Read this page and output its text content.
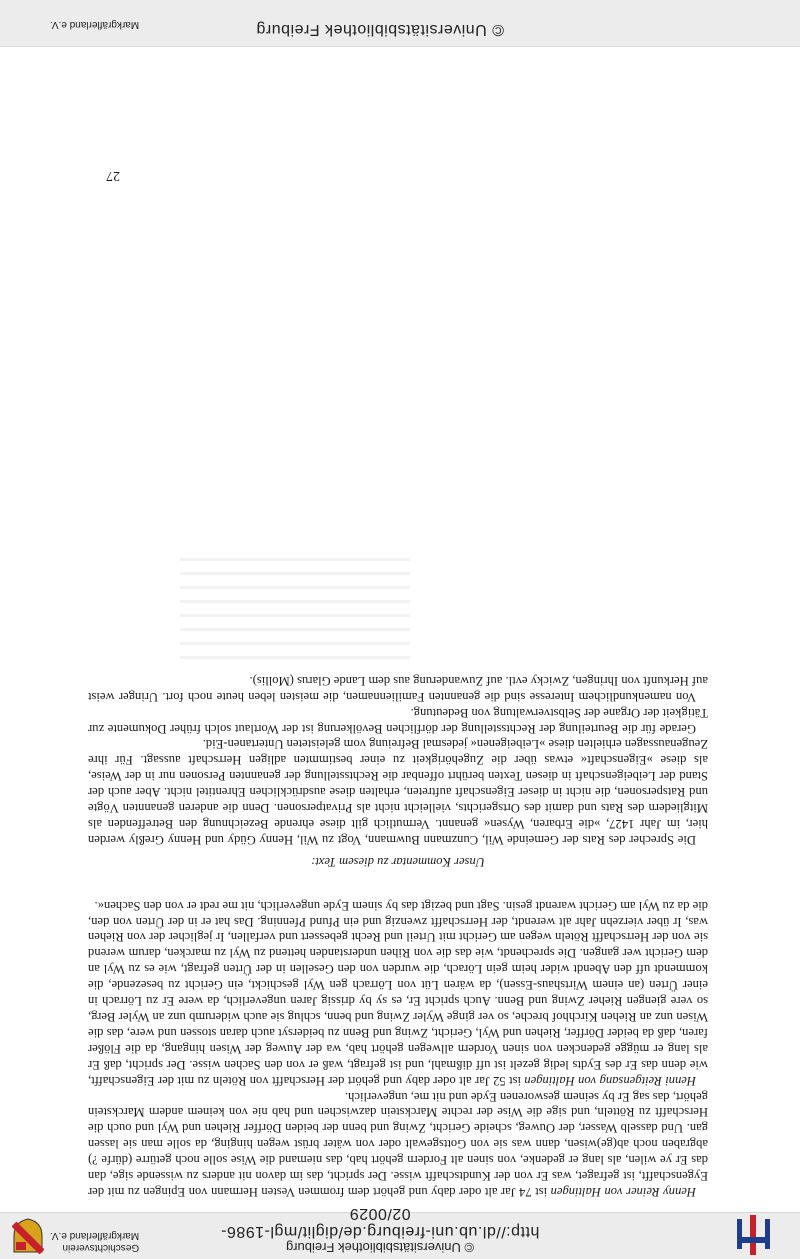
© Universitätsbibliothek Freiburg
http://dl.ub.uni-freiburg.de/diglit/mgl-1986-02/0029
Geschichtsverein
Markgräflerland e.V.

Henny Reiner von Haltingen ist 74 Jar alt oder daby und gehört dem frommen Vesten Hermann von Epingen zu mit der Eygenschafft, ist gefraget, was Er von der Kundtschafft wisse. Der spricht, das im davon nit anders zu wissende sige, dan das Er ye wilen, als lang er gedenke, von sinen alt Fordern gehört hab, das niemand die Wise solle noch getürre (dürfe ?) abgraben noch ab(ge)wisen, dann was sie von Gottsgewalt oder von wäter brüst wegen hinging, da solle man sie lassen gan. Und dasselb Wasser, der Ouweg, scheide Gericht, Zwing und benn der beiden Dörffer Riehen und Wyl und ouch die Herschafft zu Rötteln, und sige die Wise der rechte Marckstein dazwischen und hab nie von keinem andern Marckstein gehört, das sag Er by seinem gesworenen Eyde und nit me, ungeverlich.

Henni Reitgensang von Haltingen ist 52 Jar alt oder daby und gehört der Herschafft von Röteln zu mit der Eigenschafft, wie denn das Er des Eydts ledig gezelt ist uff dißmahl, und ist gefragt, waß er von den Sachen wisse. Der spricht, daß Er als lang er mügge gedencken von sinen Vordern allwegen gehört hab, wa der Auweg der Wisen hingang, da die Flößer faren, daß da beider Dörffer, Riehen und Wyl, Gericht, Zwing und Benn zu beidersyt auch daran stossen und were, das die Wisen unz an Riehen Kirchhof breche, so ver ginge Wyler Zwing und benn, schlug sie auch widerumb unz an Wyler Berg, so vere giengen Rieher Zwing und Benn. Auch spricht Er, es sy by drissig Jaren ungeverlich, da were Er zu Lörrach in einer Ürten (an einem Wirtshaus-Essen), da wären Lüt von Lörrach gen Wyl geschickt, ein Gericht zu besezende, die kommendt uff den Abendt wider heim gein Lörach, die wurden von den Gesellen in der Ürten gefragt, wie es zu Wyl an dem Gericht wer gangen. Die sprechendt, wie das die von Rihen understanden hettend zu Wyl zu marcken, darum werend sie von der Herrschafft Röteln wegen am Gericht mit Urteil und Recht gebessert und verfallen, Ir jeglicher der von Riehen was, Ir über vierzehn Jahr alt werendt, der Herrschafft zwenzig und ein Pfund Pfenning. Das hat er in der Ürten von den, die da zu Wyl am Gericht warendt gesin. Sagt und bezigt das by sinem Eyde ungeverlich, nit me redt er von den Sachen«.

Unser Kommentar zu diesem Text:

Die Sprecher des Rats der Gemeinde Wil, Cunzmann Buwmann, Vogt zu Wil, Henny Güdy und Henny Greßly werden hier, im Jahr 1427, »die Erbaren, Wysen« genannt. Vermutlich gilt diese ehrende Bezeichnung den Betreffenden als Mitgliedern des Rats und damit des Ortsgerichts, vielleicht nicht als Privatpersonen. Denn die anderen genannten Vögte und Ratspersonen, die nicht in dieser Eigenschaft auftreten, erhalten diese ausdrücklichen Ehrentitel nicht. Aber auch der Stand der Leibeigenschaft in diesen Texten berührt offenbar die Rechtsstellung der genannten Personen nur in der Weise, als diese »Eigenschaft« etwas über die Zugehörigkeit zu einer bestimmten adligen Herrschaft aussagt. Für ihre Zeugenaussagen erhielten diese »Leibeigenen« jedesmal Befreiung vom geleisteten Untertanen-Eid.

Gerade für die Beurteilung der Rechtsstellung der dörflichen Bevölkerung ist der Wortlaut solch früher Dokumente zur Tätigkeit der Organe der Selbstverwaltung von Bedeutung.

Von namenkundlichem Interesse sind die genannten Familiennamen, die meisten leben heute noch fort. Uringer weist auf Herkunft von Ihringen, Zwicky evtl. auf Zuwanderung aus dem Lande Glarus (Mollis).

27
© Universitätsbibliothek Freiburg
Markgräflerland e.V.
